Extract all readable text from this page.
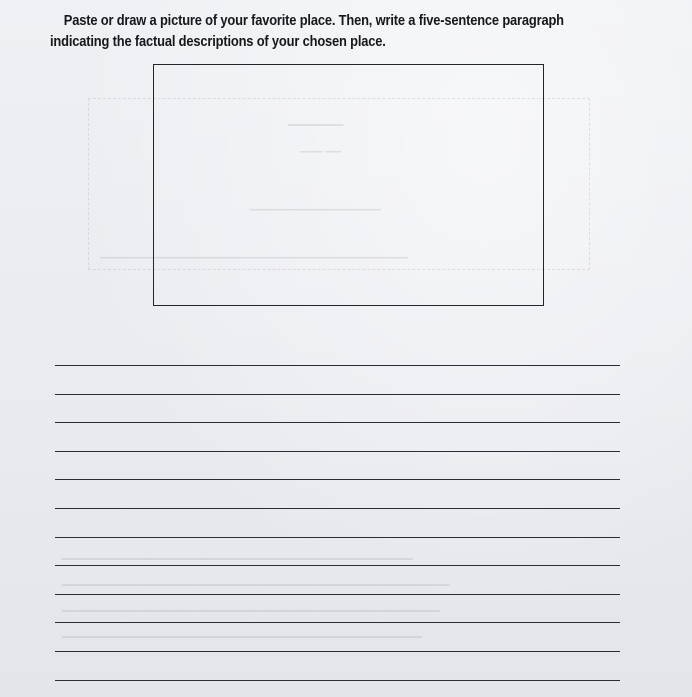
▁▁▁▁▁▁
▁▁▁ ▁▁
▁▁▁▁▁▁▁▁▁▁▁▁▁▁▁▁▁
▁▁▁▁▁▁▁▁▁▁▁▁▁▁▁▁▁▁▁▁▁▁▁▁▁▁▁▁▁▁▁▁▁▁▁▁▁▁▁▁
▁▁▁▁▁▁▁▁▁▁▁▁▁▁▁▁▁▁▁▁▁▁▁▁▁▁▁▁▁▁▁▁▁▁▁▁▁▁
▁▁▁▁▁▁▁▁▁▁▁▁▁▁▁▁▁▁▁▁▁▁▁▁▁▁▁▁▁▁▁▁▁▁▁▁▁▁▁▁▁▁
▁▁▁▁▁▁▁▁▁▁▁▁▁▁▁▁▁▁▁▁▁▁▁▁▁▁▁▁▁▁▁▁▁▁▁▁▁▁▁▁▁
▁▁▁▁▁▁▁▁▁▁▁▁▁▁▁▁▁▁▁▁▁▁▁▁▁▁▁▁▁▁▁▁▁▁▁▁▁▁▁
Paste or draw a picture of your favorite place. Then, write a five-sentence paragraph
indicating the factual descriptions of your chosen place.
